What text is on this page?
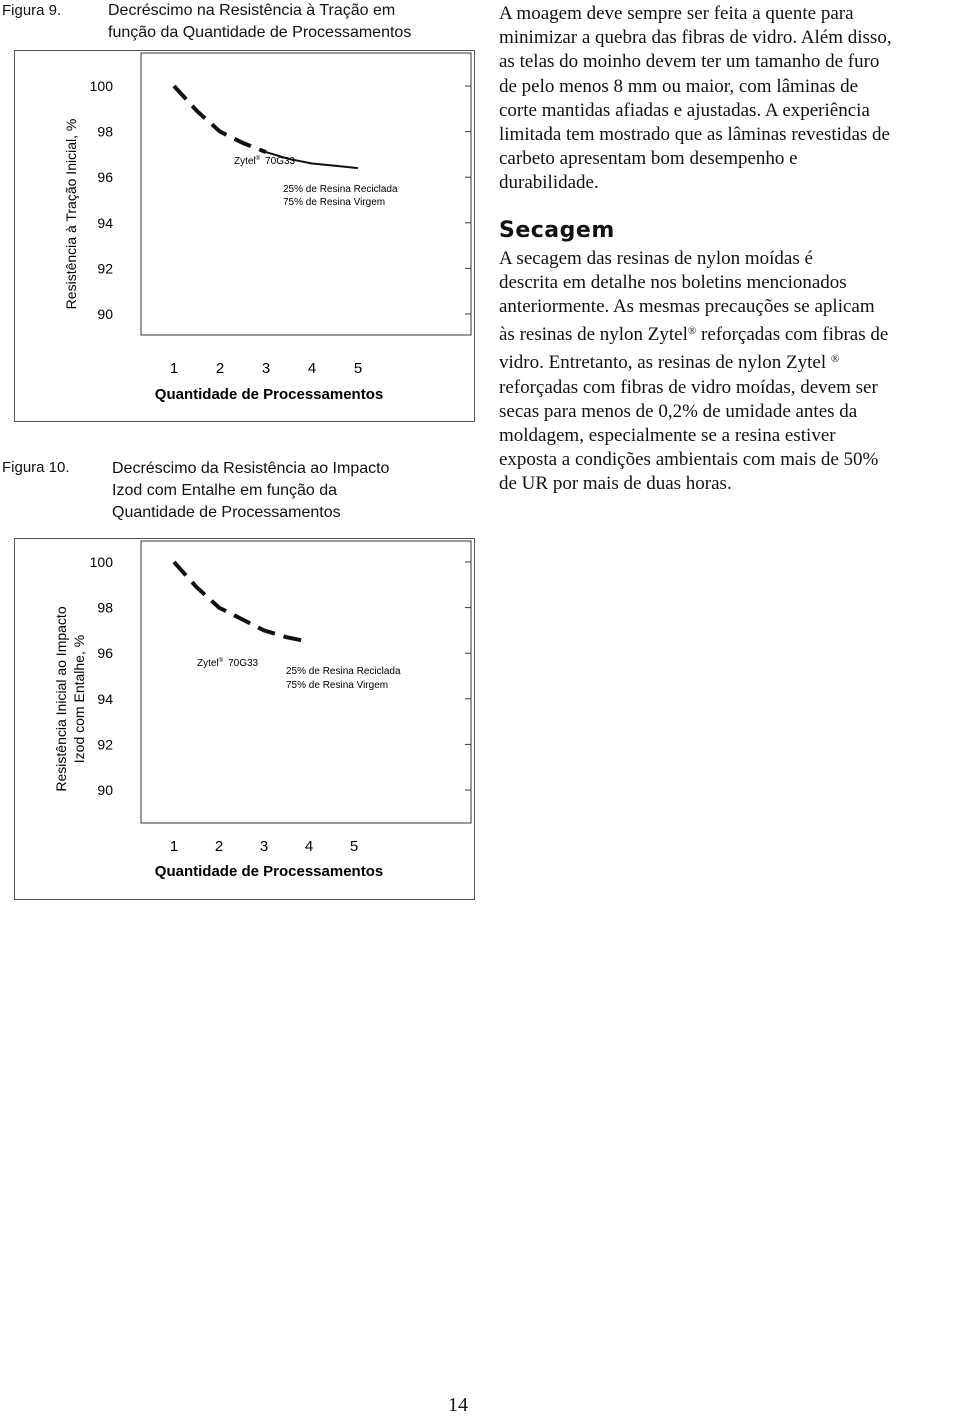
Figura 9.	Decréscimo na Resistência à Tração em
função da Quantidade de Processamentos
Resistência à Tração Inicial, %
100
98
96
94
92
90
1	2	3	4	5
Zytel® 70G33
25% de Resina Reciclada
75% de Resina Virgem
Quantidade de Processamentos
Figura 10.	Decréscimo da Resistência ao Impacto
Izod com Entalhe em função da
Quantidade de Processamentos
Resistência Inicial ao Impacto Izod com Entalhe, %
100
98
96
94
92
90
1 2 3 4 5
Zytel® 70G33
25% de Resina Reciclada
75% de Resina Virgem
Quantidade de Processamentos

A moagem deve sempre ser feita a quente para

minimizar a quebra das fibras de vidro. Além disso,

as telas do moinho devem ter um tamanho de furo

de pelo menos 8 mm ou maior, com lâminas de

corte mantidas afiadas e ajustadas. A experiência

limitada tem mostrado que as lâminas revestidas de

carbeto apresentam bom desempenho e

durabilidade.

Secagem

A secagem das resinas de nylon moídas é

descrita em detalhe nos boletins mencionados

anteriormente. As mesmas precauções se aplicam

às resinas de nylon Zytel® reforçadas com fibras de

vidro. Entretanto, as resinas de nylon Zytel ®

reforçadas com fibras de vidro moídas, devem ser

secas para menos de 0,2% de umidade antes da

moldagem, especialmente se a resina estiver

exposta a condições ambientais com mais de 50%

de UR por mais de duas horas.

14
